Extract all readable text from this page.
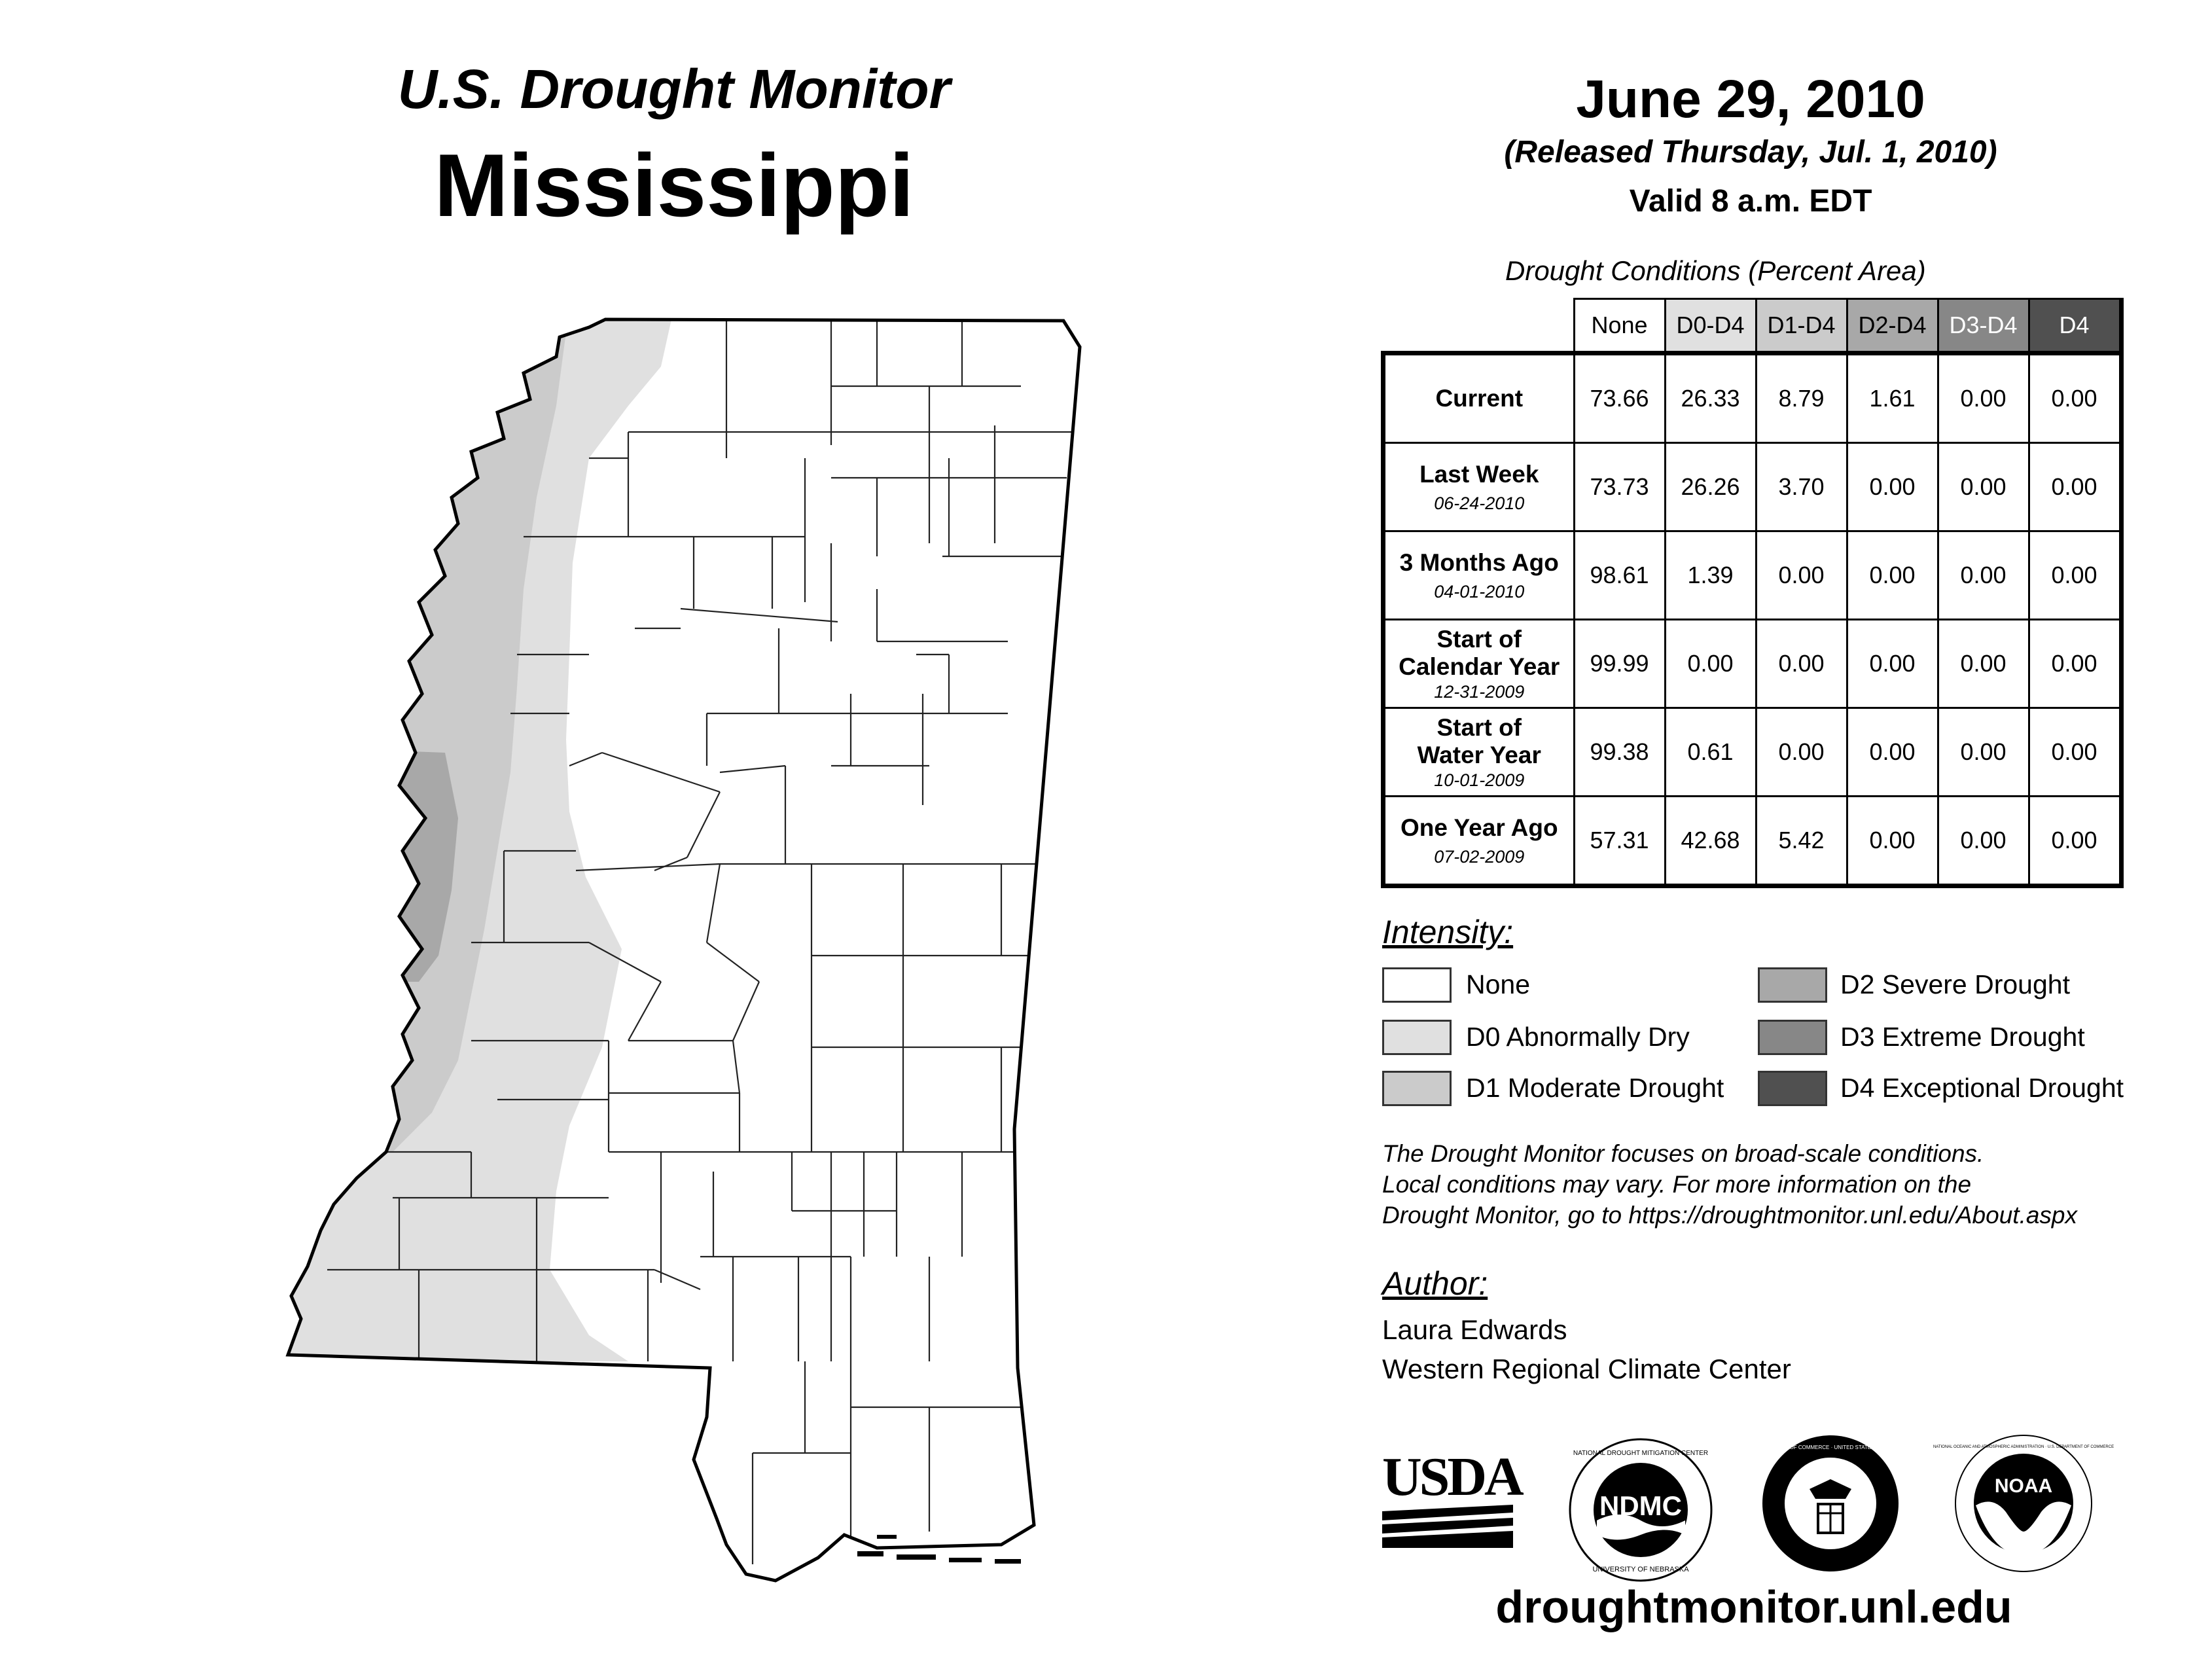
U.S. Drought Monitor
Mississippi
June 29, 2010
(Released Thursday, Jul. 1, 2010)
Valid 8 a.m. EDT
Drought Conditions (Percent Area)
	None	D0-D4	D1-D4	D2-D4	D3-D4	D4

Current	73.66	26.33	8.79	1.61	0.00	0.00

Last Week
06-24-2010	73.73	26.26	3.70	0.00	0.00	0.00

3 Months Ago
04-01-2010	98.61	1.39	0.00	0.00	0.00	0.00

Start of
Calendar Year
12-31-2009	99.99	0.00	0.00	0.00	0.00	0.00

Start of
Water Year
10-01-2009	99.38	0.61	0.00	0.00	0.00	0.00

One Year Ago
07-02-2009	57.31	42.68	5.42	0.00	0.00	0.00
Intensity:
None
D0 Abnormally Dry
D1 Moderate Drought
D2 Severe Drought
D3 Extreme Drought
D4 Exceptional Drought
The Drought Monitor focuses on broad-scale conditions.
Local conditions may vary. For more information on the
Drought Monitor, go to https://droughtmonitor.unl.edu/About.aspx
Author:
Laura Edwards
Western Regional Climate Center
USDA	NDMC
NATIONAL DROUGHT MITIGATION CENTER
UNIVERSITY OF NEBRASKA
DEPARTMENT OF COMMERCE · UNITED STATES OF AMERICA
NOAA
NATIONAL OCEANIC AND ATMOSPHERIC ADMINISTRATION · U.S. DEPARTMENT OF COMMERCE
droughtmonitor.unl.edu
